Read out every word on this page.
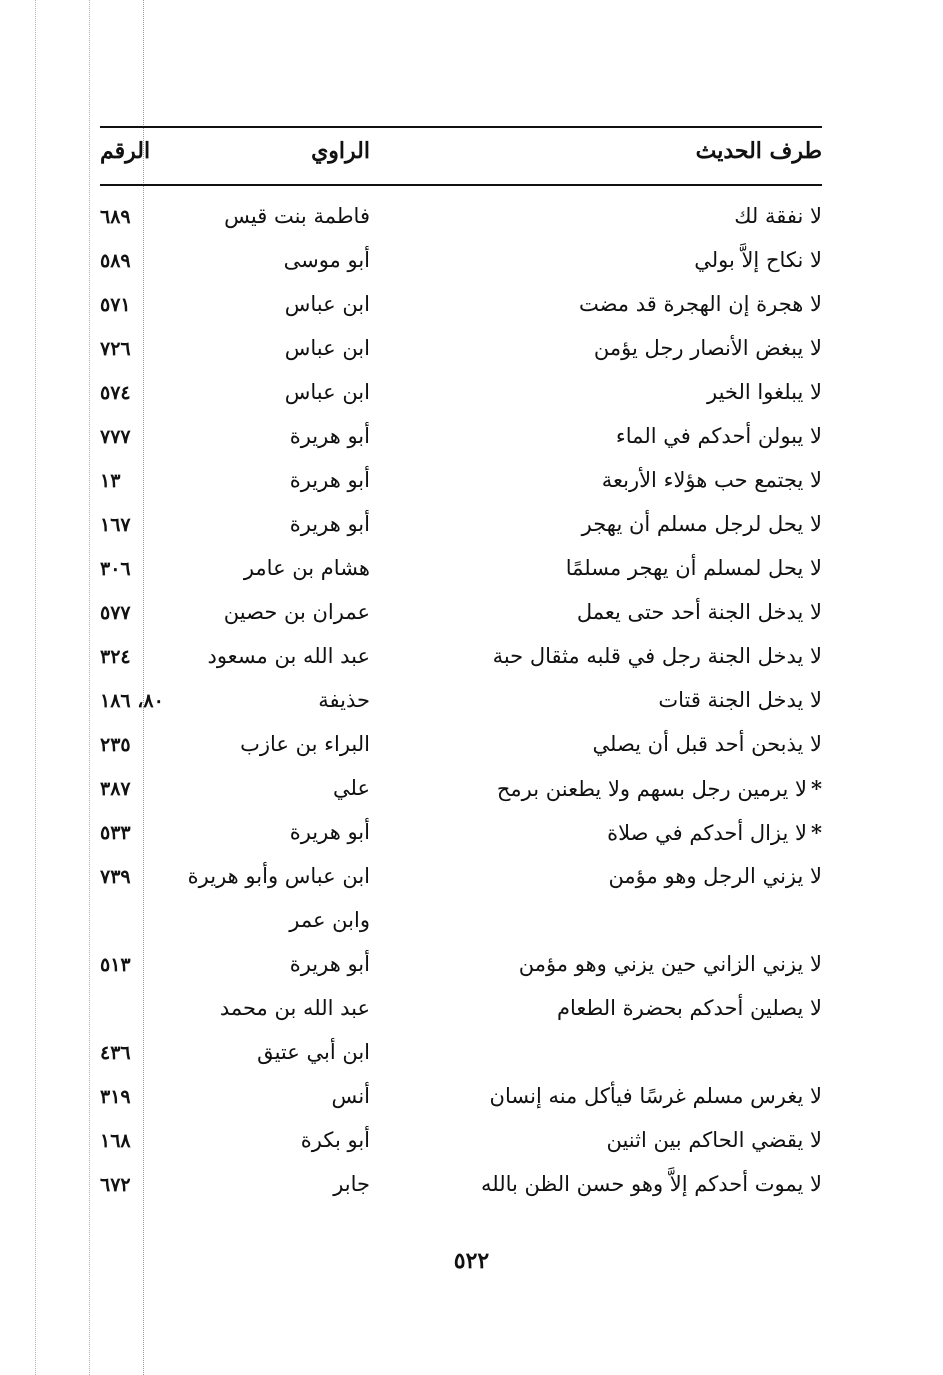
طرف الحديث
الراوي
الرقم
لا نفقة لك
فاطمة بنت قيس
٦٨٩
لا نكاح إلاَّ بولي
أبو موسى
٥٨٩
لا هجرة إن الهجرة قد مضت
ابن عباس
٥٧١
لا يبغض الأنصار رجل يؤمن
ابن عباس
٧٢٦
لا يبلغوا الخير
ابن عباس
٥٧٤
لا يبولن أحدكم في الماء
أبو هريرة
٧٧٧
لا يجتمع حب هؤلاء الأربعة
أبو هريرة
١٣
لا يحل لرجل مسلم أن يهجر
أبو هريرة
١٦٧
لا يحل لمسلم أن يهجر مسلمًا
هشام بن عامر
٣٠٦
لا يدخل الجنة أحد حتى يعمل
عمران بن حصين
٥٧٧
لا يدخل الجنة رجل في قلبه مثقال حبة
عبد الله بن مسعود
٣٢٤
لا يدخل الجنة قتات
حذيفة
٨٠، ١٨٦
لا يذبحن أحد قبل أن يصلي
البراء بن عازب
٢٣٥
*لا يرمين رجل بسهم ولا يطعنن برمح
علي
٣٨٧
*لا يزال أحدكم في صلاة
أبو هريرة
٥٣٣
لا يزني الرجل وهو مؤمن
ابن عباس وأبو هريرة
٧٣٩
وابن عمر
لا يزني الزاني حين يزني وهو مؤمن
أبو هريرة
٥١٣
لا يصلين أحدكم بحضرة الطعام
عبد الله بن محمد
ابن أبي عتيق
٤٣٦
لا يغرس مسلم غرسًا فيأكل منه إنسان
أنس
٣١٩
لا يقضي الحاكم بين اثنين
أبو بكرة
١٦٨
لا يموت أحدكم إلاَّ وهو حسن الظن بالله
جابر
٦٧٢
٥٢٢
